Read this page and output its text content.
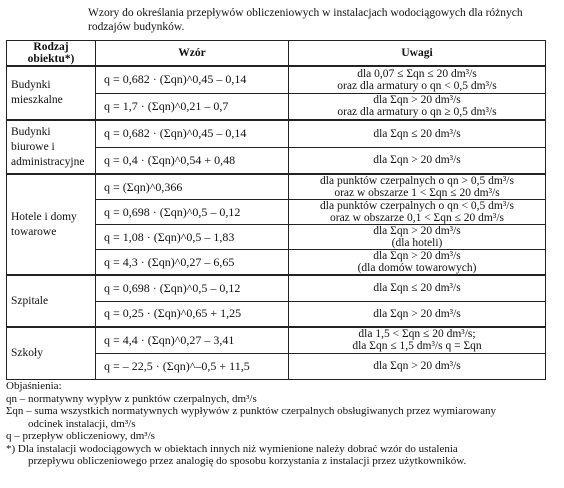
Wzory do określania przepływów obliczeniowych w instalacjach wodociągowych dla różnych rodzajów budynków.
Rodzaj obiektu*)	Wzór	Uwagi
Budynki mieszkalne	q = 0,682 · (Σqn)^0,45 – 0,14	dla 0,07 ≤ Σqn ≤ 20 dm³/s
oraz dla armatury o qn < 0,5 dm³/s

	q = 1,7 · (Σqn)^0,21 – 0,7	dla Σqn > 20 dm³/s
oraz dla armatury o qn ≥ 0,5 dm³/s

Budynki biurowe i administracyjne	q = 0,682 · (Σqn)^0,45 – 0,14	dla Σqn ≤ 20 dm³/s
	q = 0,4 · (Σqn)^0,54 + 0,48	dla Σqn > 20 dm³/s
Hotele i domy towarowe	q = (Σqn)^0,366	dla punktów czerpalnych o qn > 0,5 dm³/s
oraz w obszarze 1 < Σqn ≤ 20 dm³/s

	q = 0,698 · (Σqn)^0,5 – 0,12	dla punktów czerpalnych o qn < 0,5 dm³/s
oraz w obszarze 0,1 < Σqn ≤ 20 dm³/s

	q = 1,08 · (Σqn)^0,5 – 1,83	dla Σqn > 20 dm³/s
(dla hoteli)

	q = 4,3 · (Σqn)^0,27 – 6,65	dla Σqn > 20 dm³/s
(dla domów towarowych)

Szpitale	q = 0,698 · (Σqn)^0,5 – 0,12	dla Σqn ≤ 20 dm³/s
	q = 0,25 · (Σqn)^0,65 + 1,25	dla Σqn > 20 dm³/s
Szkoły	q = 4,4 · (Σqn)^0,27 – 3,41	dla 1,5 < Σqn ≤ 20 dm³/s;
dla Σqn ≤ 1,5 dm³/s q = Σqn

	q = – 22,5 · (Σqn)^–0,5 + 11,5	dla Σqn > 20 dm³/s
Objaśnienia:
qn – normatywny wypływ z punktów czerpalnych, dm³/s
Σqn – suma wszystkich normatywnych wypływów z punktów czerpalnych obsługiwanych przez wymiarowany
odcinek instalacji, dm³/s
q – przepływ obliczeniowy, dm³/s
*) Dla instalacji wodociągowych w obiektach innych niż wymienione należy dobrać wzór do ustalenia
przepływu obliczeniowego przez analogię do sposobu korzystania z instalacji przez użytkowników.
